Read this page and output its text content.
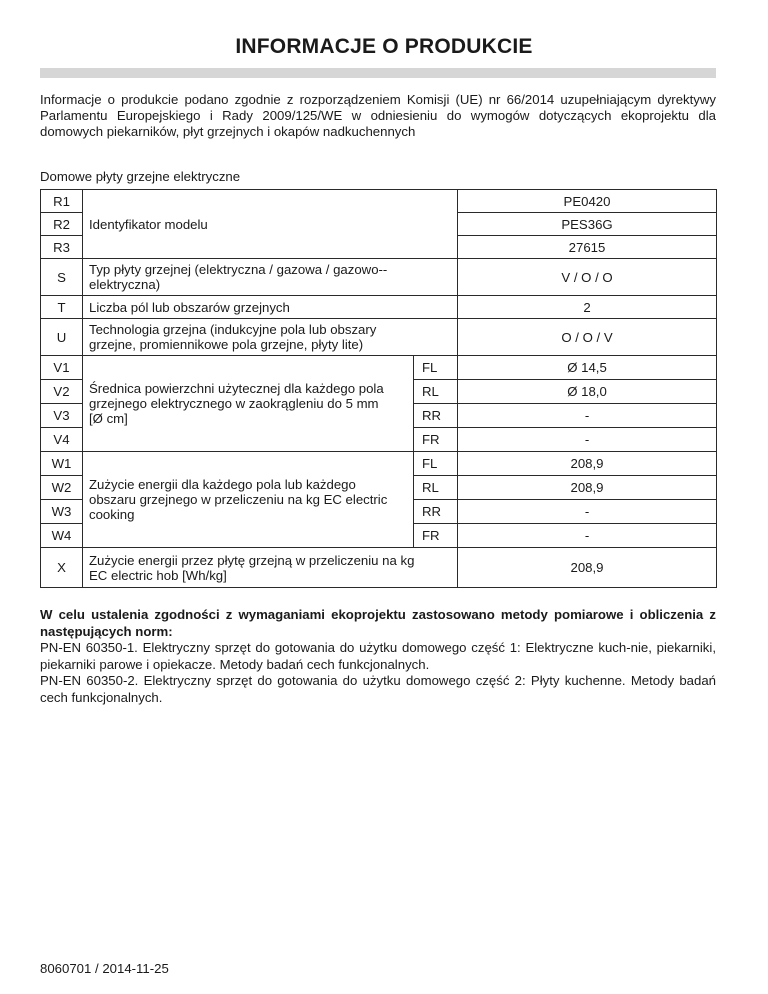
INFORMACJE O PRODUKCIE
Informacje o produkcie podano zgodnie z rozporządzeniem Komisji (UE) nr 66/2014 uzupełniającym dyrektywy Parlamentu Europejskiego i Rady 2009/125/WE w odniesieniu do wymogów dotyczących ekoprojektu dla domowych piekarników, płyt grzejnych i okapów nadkuchennych
Domowe płyty grzejne elektryczne
R1	Identyfikator modelu		PE0420
R2			PES36G
R3			27615
S	Typ płyty grzejnej (elektryczna / gazowa / gazowo--elektryczna)		V / O / O
T	Liczba pól lub obszarów grzejnych		2
U	Technologia grzejna (indukcyjne pola lub obszary grzejne, promiennikowe pola grzejne, płyty lite)		O / O / V
V1	Średnica powierzchni użytecznej dla każdego pola grzejnego elektrycznego w zaokrągleniu do 5 mm [Ø cm]	FL	Ø 14,5
V2		RL	Ø 18,0
V3		RR	-
V4		FR	-
W1	Zużycie energii dla każdego pola lub każdego obszaru grzejnego w przeliczeniu na kg EC electric cooking	FL	208,9
W2		RL	208,9
W3		RR	-
W4		FR	-
X	Zużycie energii przez płytę grzejną w przeliczeniu na kg EC electric hob [Wh/kg]		208,9
W celu ustalenia zgodności z wymaganiami ekoprojektu zastosowano metody pomiarowe i obliczenia z następujących norm:
PN-EN 60350-1. Elektryczny sprzęt do gotowania do użytku domowego część 1: Elektryczne kuch-nie, piekarniki, piekarniki parowe i opiekacze. Metody badań cech funkcjonalnych.
PN-EN 60350-2. Elektryczny sprzęt do gotowania do użytku domowego część 2: Płyty kuchenne. Metody badań cech funkcjonalnych.
8060701 / 2014-11-25
